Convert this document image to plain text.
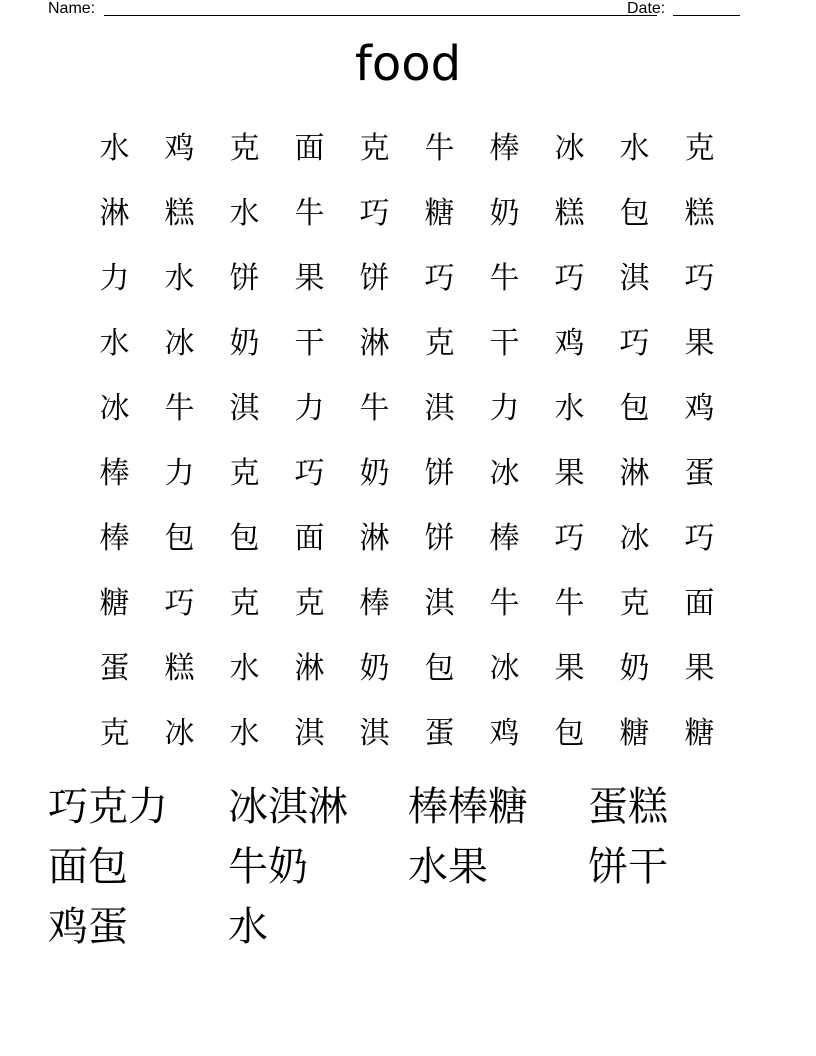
Name:	Date:
food
水	鸡	克	面	克	牛	棒	冰	水	克
淋	糕	水	牛	巧	糖	奶	糕	包	糕
力	水	饼	果	饼	巧	牛	巧	淇	巧
水	冰	奶	干	淋	克	干	鸡	巧	果
冰	牛	淇	力	牛	淇	力	水	包	鸡
棒	力	克	巧	奶	饼	冰	果	淋	蛋
棒	包	包	面	淋	饼	棒	巧	冰	巧
糖	巧	克	克	棒	淇	牛	牛	克	面
蛋	糕	水	淋	奶	包	冰	果	奶	果
克	冰	水	淇	淇	蛋	鸡	包	糖	糖
巧克力	冰淇淋	棒棒糖	蛋糕
面包	牛奶	水果	饼干
鸡蛋	水
